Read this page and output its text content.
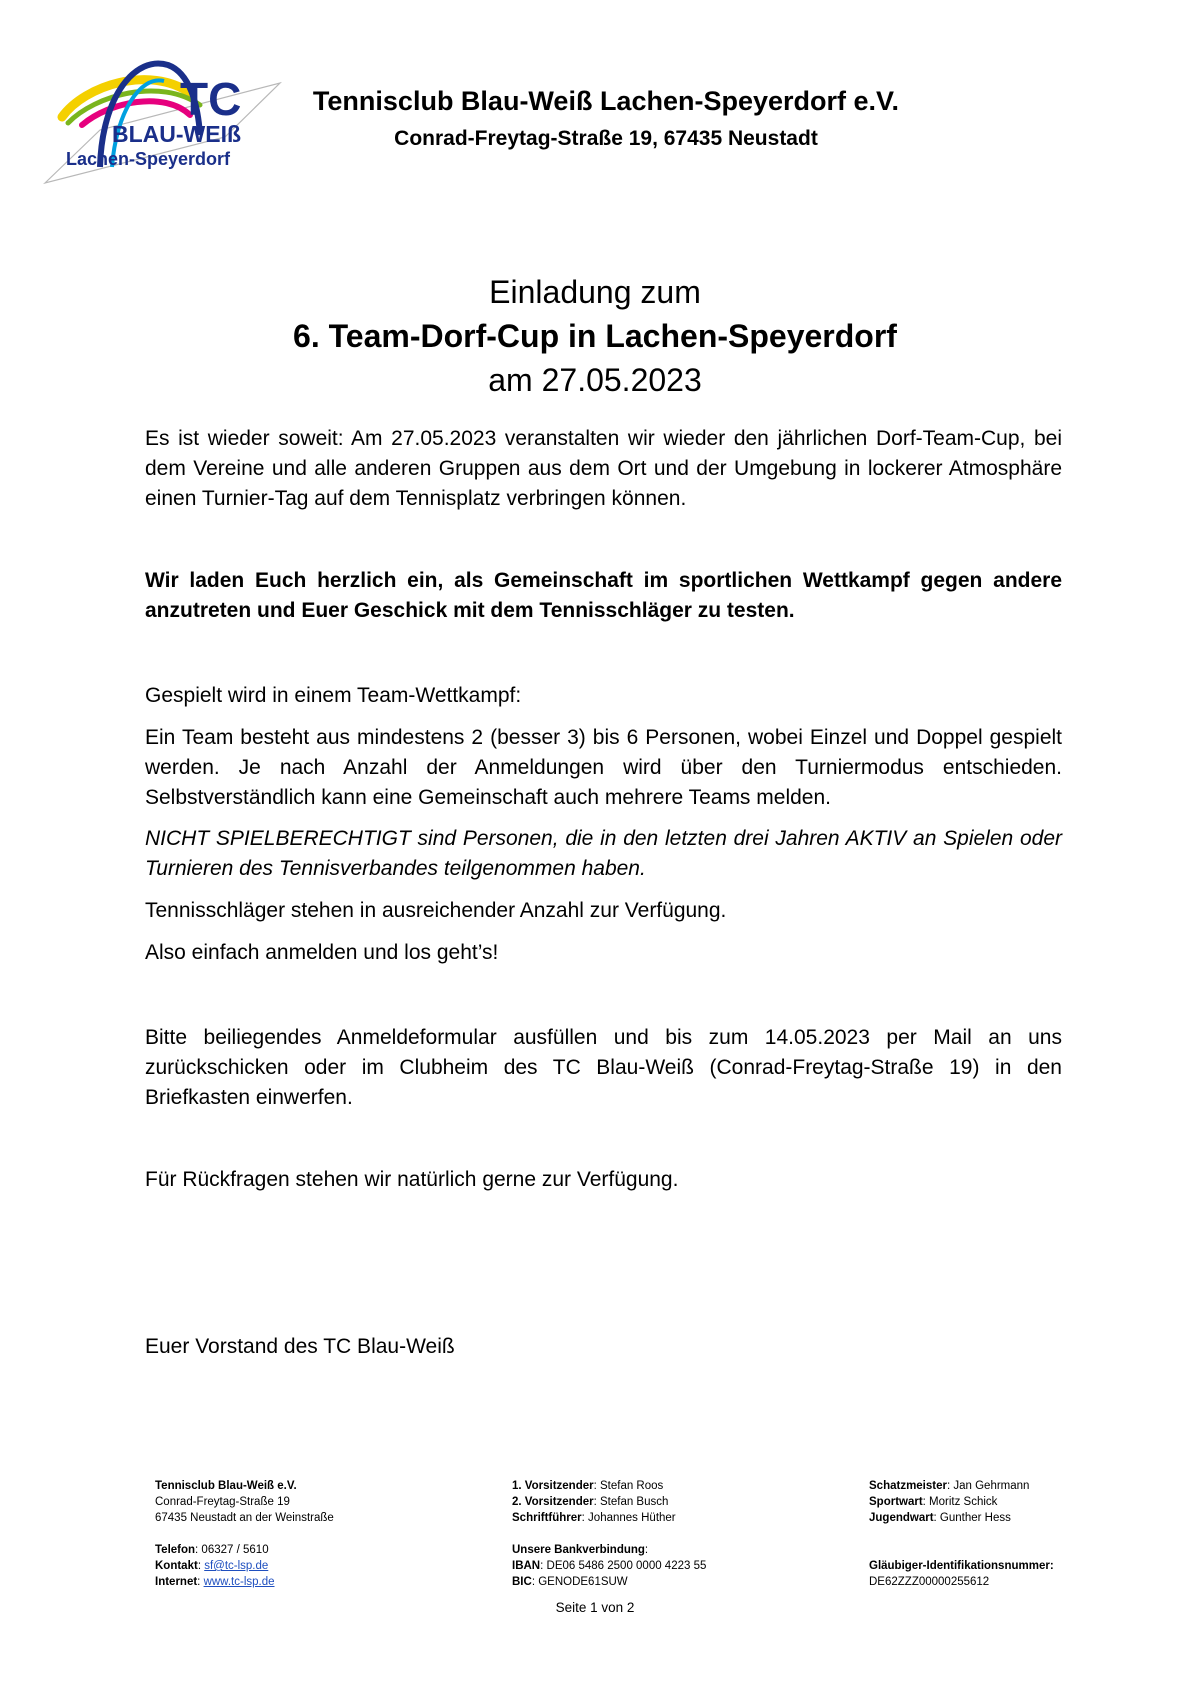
TC
BLAU-WEIß
Lachen-Speyerdorf
Tennisclub Blau-Weiß Lachen-Speyerdorf e.V.
Conrad-Freytag-Straße 19, 67435 Neustadt
Einladung zum
6. Team-Dorf-Cup in Lachen-Speyerdorf
am 27.05.2023

Es ist wieder soweit: Am 27.05.2023 veranstalten wir wieder den jährlichen Dorf-Team-Cup, bei dem Vereine und alle anderen Gruppen aus dem Ort und der Umgebung in lockerer Atmosphäre einen Turnier-Tag auf dem Tennisplatz verbringen können.

Wir laden Euch herzlich ein, als Gemeinschaft im sportlichen Wettkampf gegen andere anzutreten und Euer Geschick mit dem Tennisschläger zu testen.

Gespielt wird in einem Team-Wettkampf:

Ein Team besteht aus mindestens 2 (besser 3) bis 6 Personen, wobei Einzel und Doppel gespielt werden. Je nach Anzahl der Anmeldungen wird über den Turniermodus entschieden. Selbstverständlich kann eine Gemeinschaft auch mehrere Teams melden.

NICHT SPIELBERECHTIGT sind Personen, die in den letzten drei Jahren AKTIV an Spielen oder Turnieren des Tennisverbandes teilgenommen haben.

Tennisschläger stehen in ausreichender Anzahl zur Verfügung.

Also einfach anmelden und los geht’s!

Bitte beiliegendes Anmeldeformular ausfüllen und bis zum 14.05.2023 per Mail an uns zurückschicken oder im Clubheim des TC Blau-Weiß (Conrad-Freytag-Straße 19) in den Briefkasten einwerfen.

Für Rückfragen stehen wir natürlich gerne zur Verfügung.

Euer Vorstand des TC Blau-Weiß

Tennisclub Blau-Weiß e.V.
Conrad-Freytag-Straße 19
67435 Neustadt an der Weinstraße
Telefon: 06327 / 5610
Kontakt: sf@tc-lsp.de
Internet: www.tc-lsp.de
1. Vorsitzender: Stefan Roos
2. Vorsitzender: Stefan Busch
Schriftführer: Johannes Hüther
Unsere Bankverbindung:
IBAN: DE06 5486 2500 0000 4223 55
BIC: GENODE61SUW
Schatzmeister: Jan Gehrmann
Sportwart: Moritz Schick
Jugendwart: Gunther Hess
Gläubiger-Identifikationsnummer:
DE62ZZZ00000255612
Seite 1 von 2
